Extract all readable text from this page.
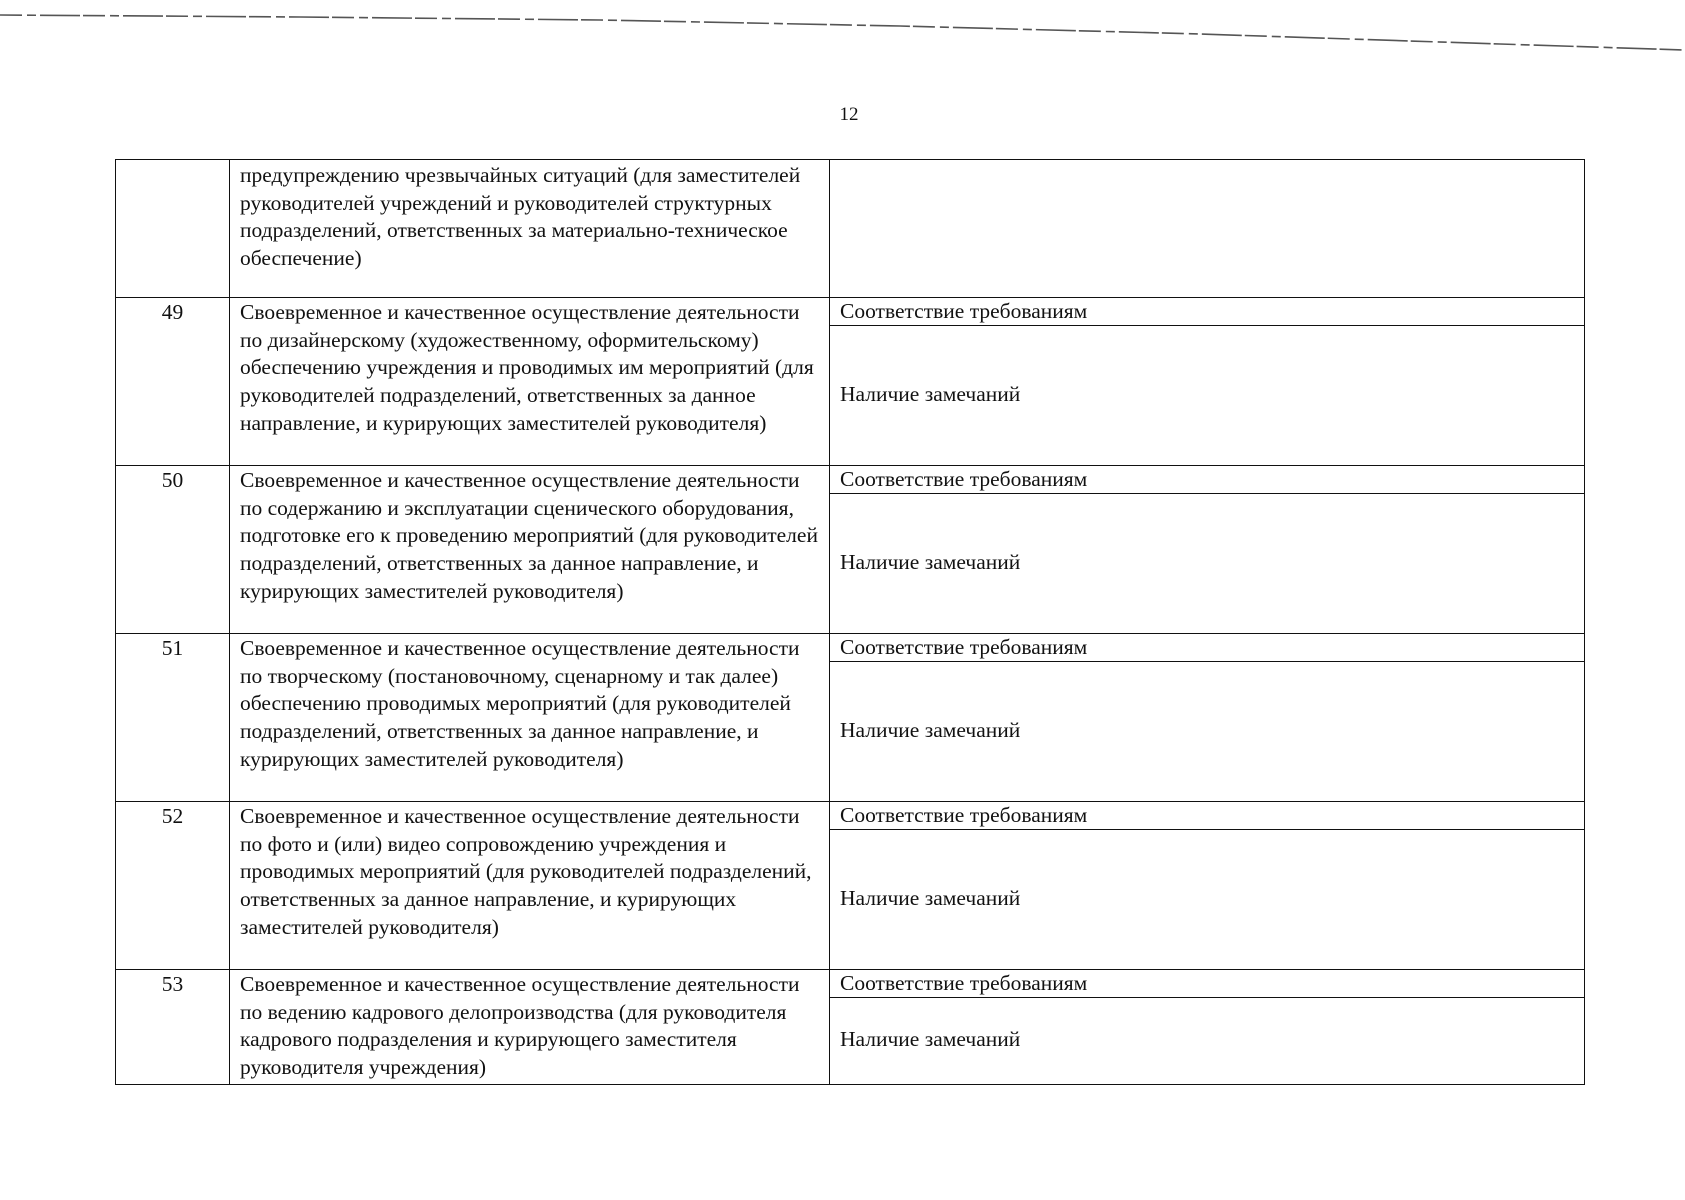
12
	предупреждению чрезвычайных ситуаций (для заместителей руководителей учреждений и руководителей структурных подразделений, ответственных за материально-техническое обеспечение)	
49	Своевременное и качественное осуществление деятельности по дизайнерскому (художественному, оформительскому) обеспечению учреждения и проводимых им мероприятий (для руководителей подразделений, ответственных за данное направление, и курирующих заместителей руководителя)	Соответствие требованиям
Наличие замечаний

50	Своевременное и качественное осуществление деятельности по содержанию и эксплуатации сценического оборудования, подготовке его к проведению мероприятий (для руководителей подразделений, ответственных за данное направление, и курирующих заместителей руководителя)	Соответствие требованиям
Наличие замечаний

51	Своевременное и качественное осуществление деятельности по творческому (постановочному, сценарному и так далее) обеспечению проводимых мероприятий (для руководителей подразделений, ответственных за данное направление, и курирующих заместителей руководителя)	Соответствие требованиям
Наличие замечаний

52	Своевременное и качественное осуществление деятельности по фото и (или) видео сопровождению учреждения и проводимых мероприятий (для руководителей подразделений, ответственных за данное направление, и курирующих заместителей руководителя)	Соответствие требованиям
Наличие замечаний

53	Своевременное и качественное осуществление деятельности по ведению кадрового делопроизводства (для руководителя кадрового подразделения и курирующего заместителя руководителя учреждения)	Соответствие требованиям
Наличие замечаний
